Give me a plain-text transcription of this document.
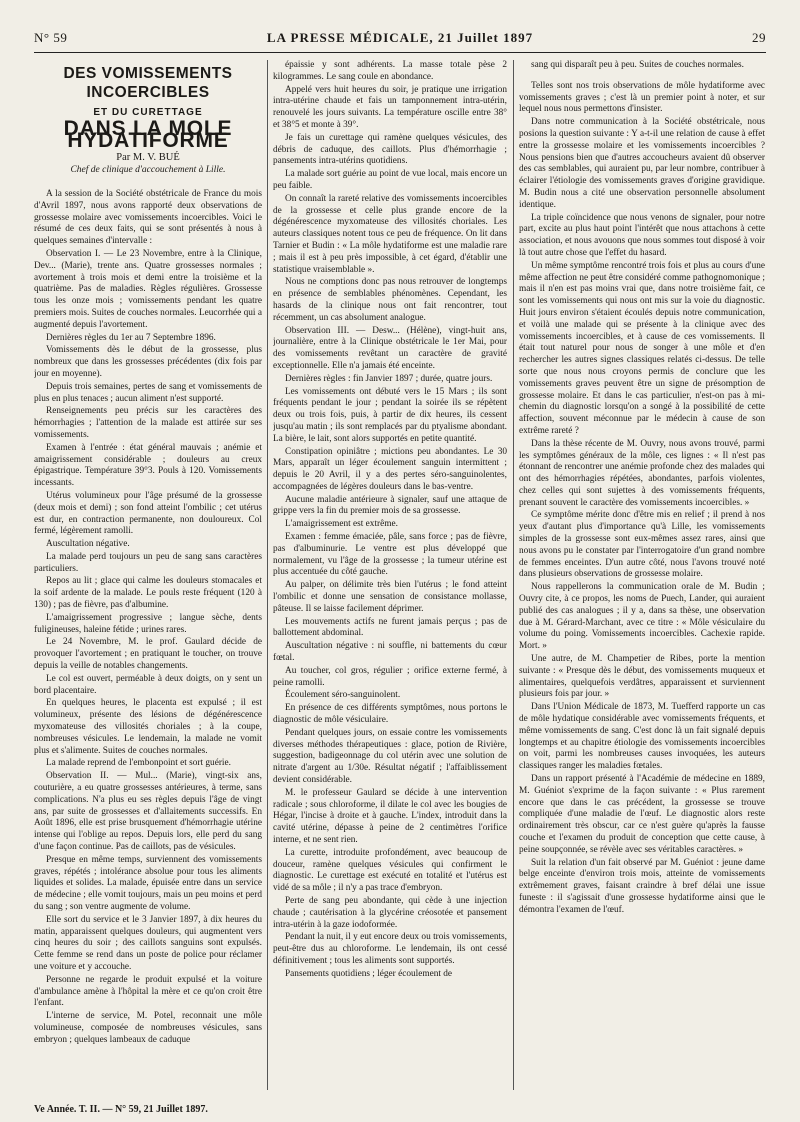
N° 59	LA PRESSE MÉDICALE, 21 Juillet 1897	29
DES VOMISSEMENTS INCOERCIBLES
ET DU CURETTAGE
DANS LA MOLE HYDATIFORME
Par M. V. BUÉ
Chef de clinique d'accouchement à Lille.

A la session de la Société obstétricale de France du mois d'Avril 1897, nous avons rapporté deux observations de grossesse molaire avec vomissements incoercibles. Voici le résumé de ces deux faits, qui se sont présentés à nous à quelques semaines d'intervalle :

Observation I. — Le 23 Novembre, entre à la Clinique, Dev... (Marie), trente ans. Quatre grossesses normales ; avortement à trois mois et demi entre la troisième et la quatrième. Pas de maladies. Règles régulières. Grossesse tous les onze mois ; vomissements pendant les quatre premiers mois. Suites de couches normales. Leucorrhée qui a augmenté depuis l'avortement.

Dernières règles du 1er au 7 Septembre 1896.

Vomissements dès le début de la grossesse, plus nombreux que dans les grossesses précédentes (dix fois par jour en moyenne).

Depuis trois semaines, pertes de sang et vomissements de plus en plus tenaces ; aucun aliment n'est supporté.

Renseignements peu précis sur les caractères des hémorrhagies ; l'attention de la malade est attirée sur ses vomissements.

Examen à l'entrée : état général mauvais ; anémie et amaigrissement considérable ; douleurs au creux épigastrique. Température 39°3. Pouls à 120. Vomissements incessants.

Utérus volumineux pour l'âge présumé de la grossesse (deux mois et demi) ; son fond atteint l'ombilic ; cet utérus est dur, en contraction permanente, non douloureux. Col fermé, légèrement ramolli.

Auscultation négative.

La malade perd toujours un peu de sang sans caractères particuliers.

Repos au lit ; glace qui calme les douleurs stomacales et la soif ardente de la malade. Le pouls reste fréquent (120 à 130) ; pas de fièvre, pas d'albumine.

L'amaigrissement progressive ; langue sèche, dents fuligineuses, haleine fétide ; urines rares.

Le 24 Novembre, M. le prof. Gaulard décide de provoquer l'avortement ; en pratiquant le toucher, on trouve depuis la veille de notables changements.

Le col est ouvert, perméable à deux doigts, on y sent un bord placentaire.

En quelques heures, le placenta est expulsé ; il est volumineux, présente des lésions de dégénérescence myxomateuse des villosités choriales ; à la coupe, nombreuses vésicules. Le lendemain, la malade ne vomit plus et s'alimente. Suites de couches normales.

La malade reprend de l'embonpoint et sort guérie.

Observation II. — Mul... (Marie), vingt-six ans, couturière, a eu quatre grossesses antérieures, à terme, sans complications. N'a plus eu ses règles depuis l'âge de vingt ans, par suite de grossesses et d'allaitements successifs. En Août 1896, elle est prise brusquement d'hémorrhagie utérine intense qui l'oblige au repos. Depuis lors, elle perd du sang d'une façon continue. Pas de caillots, pas de vésicules.

Presque en même temps, surviennent des vomissements graves, répétés ; intolérance absolue pour tous les aliments liquides et solides. La malade, épuisée entre dans un service de médecine ; elle vomit toujours, mais un peu moins et perd du sang ; son ventre augmente de volume.

Elle sort du service et le 3 Janvier 1897, à dix heures du matin, apparaissent quelques douleurs, qui augmentent vers cinq heures du soir ; des caillots sanguins sont expulsés. Cette femme se rend dans un poste de police pour réclamer une voiture et y accouche.

Personne ne regarde le produit expulsé et la voiture d'ambulance amène à l'hôpital la mère et ce qu'on croit être l'enfant.

L'interne de service, M. Potel, reconnait une môle volumineuse, composée de nombreuses vésicules, sans embryon ; quelques lambeaux de caduque

épaissie y sont adhérents. La masse totale pèse 2 kilogrammes. Le sang coule en abondance.

Appelé vers huit heures du soir, je pratique une irrigation intra-utérine chaude et fais un tamponnement intra-utérin, renouvelé les jours suivants. La température oscille entre 38° et 38°5 et monte à 39°.

Je fais un curettage qui ramène quelques vésicules, des débris de caduque, des caillots. Plus d'hémorrhagie ; pansements intra-utérins quotidiens.

La malade sort guérie au point de vue local, mais encore un peu faible.

On connaît la rareté relative des vomissements incoercibles de la grossesse et celle plus grande encore de la dégénérescence myxomateuse des villosités choriales. Les auteurs classiques notent tous ce peu de fréquence. On lit dans Tarnier et Budin : « La môle hydatiforme est une maladie rare ; mais il est à peu près impossible, à cet égard, d'établir une statistique vraisemblable ».

Nous ne comptions donc pas nous retrouver de longtemps en présence de semblables phénomènes. Cependant, les hasards de la clinique nous ont fait rencontrer, tout récemment, un cas absolument analogue.

Observation III. — Desw... (Hélène), vingt-huit ans, journalière, entre à la Clinique obstétricale le 1er Mai, pour des vomissements revêtant un caractère de gravité exceptionnelle. Elle n'a jamais été enceinte.

Dernières règles : fin Janvier 1897 ; durée, quatre jours.

Les vomissements ont débuté vers le 15 Mars ; ils sont fréquents pendant le jour ; pendant la soirée ils se répètent deux ou trois fois, puis, à partir de dix heures, ils cessent jusqu'au matin ; ils sont remplacés par du ptyalisme abondant. La bière, le lait, sont alors supportés en petite quantité.

Constipation opiniâtre ; mictions peu abondantes. Le 30 Mars, apparaît un léger écoulement sanguin intermittent ; depuis le 20 Avril, il y a des pertes séro-sanguinolentes, accompagnées de légères douleurs dans le bas-ventre.

Aucune maladie antérieure à signaler, sauf une attaque de grippe vers la fin du premier mois de sa grossesse.

L'amaigrissement est extrême.

Examen : femme émaciée, pâle, sans force ; pas de fièvre, pas d'albuminurie. Le ventre est plus développé que normalement, vu l'âge de la grossesse ; la tumeur utérine est plus accentuée du côté gauche.

Au palper, on délimite très bien l'utérus ; le fond atteint l'ombilic et donne une sensation de consistance mollasse, pâteuse. Il se laisse facilement déprimer.

Les mouvements actifs ne furent jamais perçus ; pas de ballottement abdominal.

Auscultation négative : ni souffle, ni battements du cœur fœtal.

Au toucher, col gros, régulier ; orifice externe fermé, à peine ramolli.

Écoulement séro-sanguinolent.

En présence de ces différents symptômes, nous portons le diagnostic de môle vésiculaire.

Pendant quelques jours, on essaie contre les vomissements diverses méthodes thérapeutiques : glace, potion de Rivière, suggestion, badigeonnage du col utérin avec une solution de nitrate d'argent au 1/30e. Résultat négatif ; l'affaiblissement devient considérable.

M. le professeur Gaulard se décide à une intervention radicale ; sous chloroforme, il dilate le col avec les bougies de Hégar, l'incise à droite et à gauche. L'index, introduit dans la cavité utérine, dépasse à peine de 2 centimètres l'orifice interne, et ne sent rien.

La curette, introduite profondément, avec beaucoup de douceur, ramène quelques vésicules qui confirment le diagnostic. Le curettage est exécuté en totalité et l'utérus est vidé de sa môle ; il n'y a pas trace d'embryon.

Perte de sang peu abondante, qui cède à une injection chaude ; cautérisation à la glycérine créosotée et pansement intra-utérin à la gaze iodoformée.

Pendant la nuit, il y eut encore deux ou trois vomissements, peut-être dus au chloroforme. Le lendemain, ils ont cessé définitivement ; tous les aliments sont supportés.

Pansements quotidiens ; léger écoulement de

sang qui disparaît peu à peu. Suites de couches normales.

Telles sont nos trois observations de môle hydatiforme avec vomissements graves ; c'est là un premier point à noter, et sur lequel nous nous permettons d'insister.

Dans notre communication à la Société obstétricale, nous posions la question suivante : Y a-t-il une relation de cause à effet entre la grossesse molaire et les vomissements incoercibles ? Nous pensions bien que d'autres accoucheurs avaient dû observer des cas semblables, qui auraient pu, par leur nombre, contribuer à éclairer l'étiologie des vomissements graves d'origine gravidique. M. Budin nous a cité une observation personnelle absolument identique.

La triple coïncidence que nous venons de signaler, pour notre part, excite au plus haut point l'intérêt que nous attachons à cette association, et nous avouons que nous sommes tout disposé à voir là tout autre chose que l'effet du hasard.

Un même symptôme rencontré trois fois et plus au cours d'une même affection ne peut être considéré comme pathognomonique ; mais il n'en est pas moins vrai que, dans notre troisième fait, ce sont les vomissements qui nous ont mis sur la voie du diagnostic. Huit jours environ s'étaient écoulés depuis notre communication, et voilà une malade qui se présente à la clinique avec des vomissements incoercibles, et à cause de ces vomissements. Il était tout naturel pour nous de songer à une môle et d'en rechercher les autres signes classiques relatés ci-dessus. De telle sorte que nous nous croyons permis de conclure que les vomissements graves peuvent être un signe de présomption de grossesse molaire. Et dans le cas particulier, n'est-on pas à mi-chemin du diagnostic lorsqu'on a songé à la possibilité de cette affection, souvent méconnue par le médecin à cause de son extrême rareté ?

Dans la thèse récente de M. Ouvry, nous avons trouvé, parmi les symptômes généraux de la môle, ces lignes : « Il n'est pas étonnant de rencontrer une anémie profonde chez des malades qui ont des hémorrhagies répétées, abondantes, parfois violentes, chez celles qui sont sujettes à des vomissements fréquents, prenant souvent le caractère des vomissements incoercibles. »

Ce symptôme mérite donc d'être mis en relief ; il prend à nos yeux d'autant plus d'importance qu'à Lille, les vomissements simples de la grossesse sont eux-mêmes assez rares, ainsi que nous avons pu le constater par l'interrogatoire d'un grand nombre de femmes enceintes. D'un autre côté, nous l'avons trouvé noté dans plusieurs observations de grossesse molaire.

Nous rappellerons la communication orale de M. Budin ; Ouvry cite, à ce propos, les noms de Puech, Lander, qui auraient publié des cas analogues ; il y a, dans sa thèse, une observation due à M. Gérard-Marchant, avec ce titre : « Môle vésiculaire du volume du poing. Vomissements incoercibles. Cachexie rapide. Mort. »

Une autre, de M. Champetier de Ribes, porte la mention suivante : « Presque dès le début, des vomissements muqueux et alimentaires, quelquefois verdâtres, apparaissent et surviennent plusieurs fois par jour. »

Dans l'Union Médicale de 1873, M. Tuefferd rapporte un cas de môle hydatique considérable avec vomissements fréquents, et même vomissements de sang. C'est donc là un fait signalé depuis longtemps et au chapitre étiologie des vomissements incoercibles on voit, parmi les nombreuses causes invoquées, les auteurs classiques ranger les maladies fœtales.

Dans un rapport présenté à l'Académie de médecine en 1889, M. Guéniot s'exprime de la façon suivante : « Plus rarement encore que dans le cas précédent, la grossesse se trouve compliquée d'une maladie de l'œuf. Le diagnostic alors reste ordinairement très obscur, car ce n'est guère qu'après la fausse couche et l'examen du produit de conception que cette cause, à peine soupçonnée, se révèle avec ses véritables caractères. »

Suit la relation d'un fait observé par M. Guéniot : jeune dame belge enceinte d'environ trois mois, atteinte de vomissements extrêmement graves, faisant craindre à bref délai une issue funeste : il s'agissait d'une grossesse hydatiforme ainsi que le démontra l'examen de l'œuf.

Ve Année. T. II. — N° 59, 21 Juillet 1897.
